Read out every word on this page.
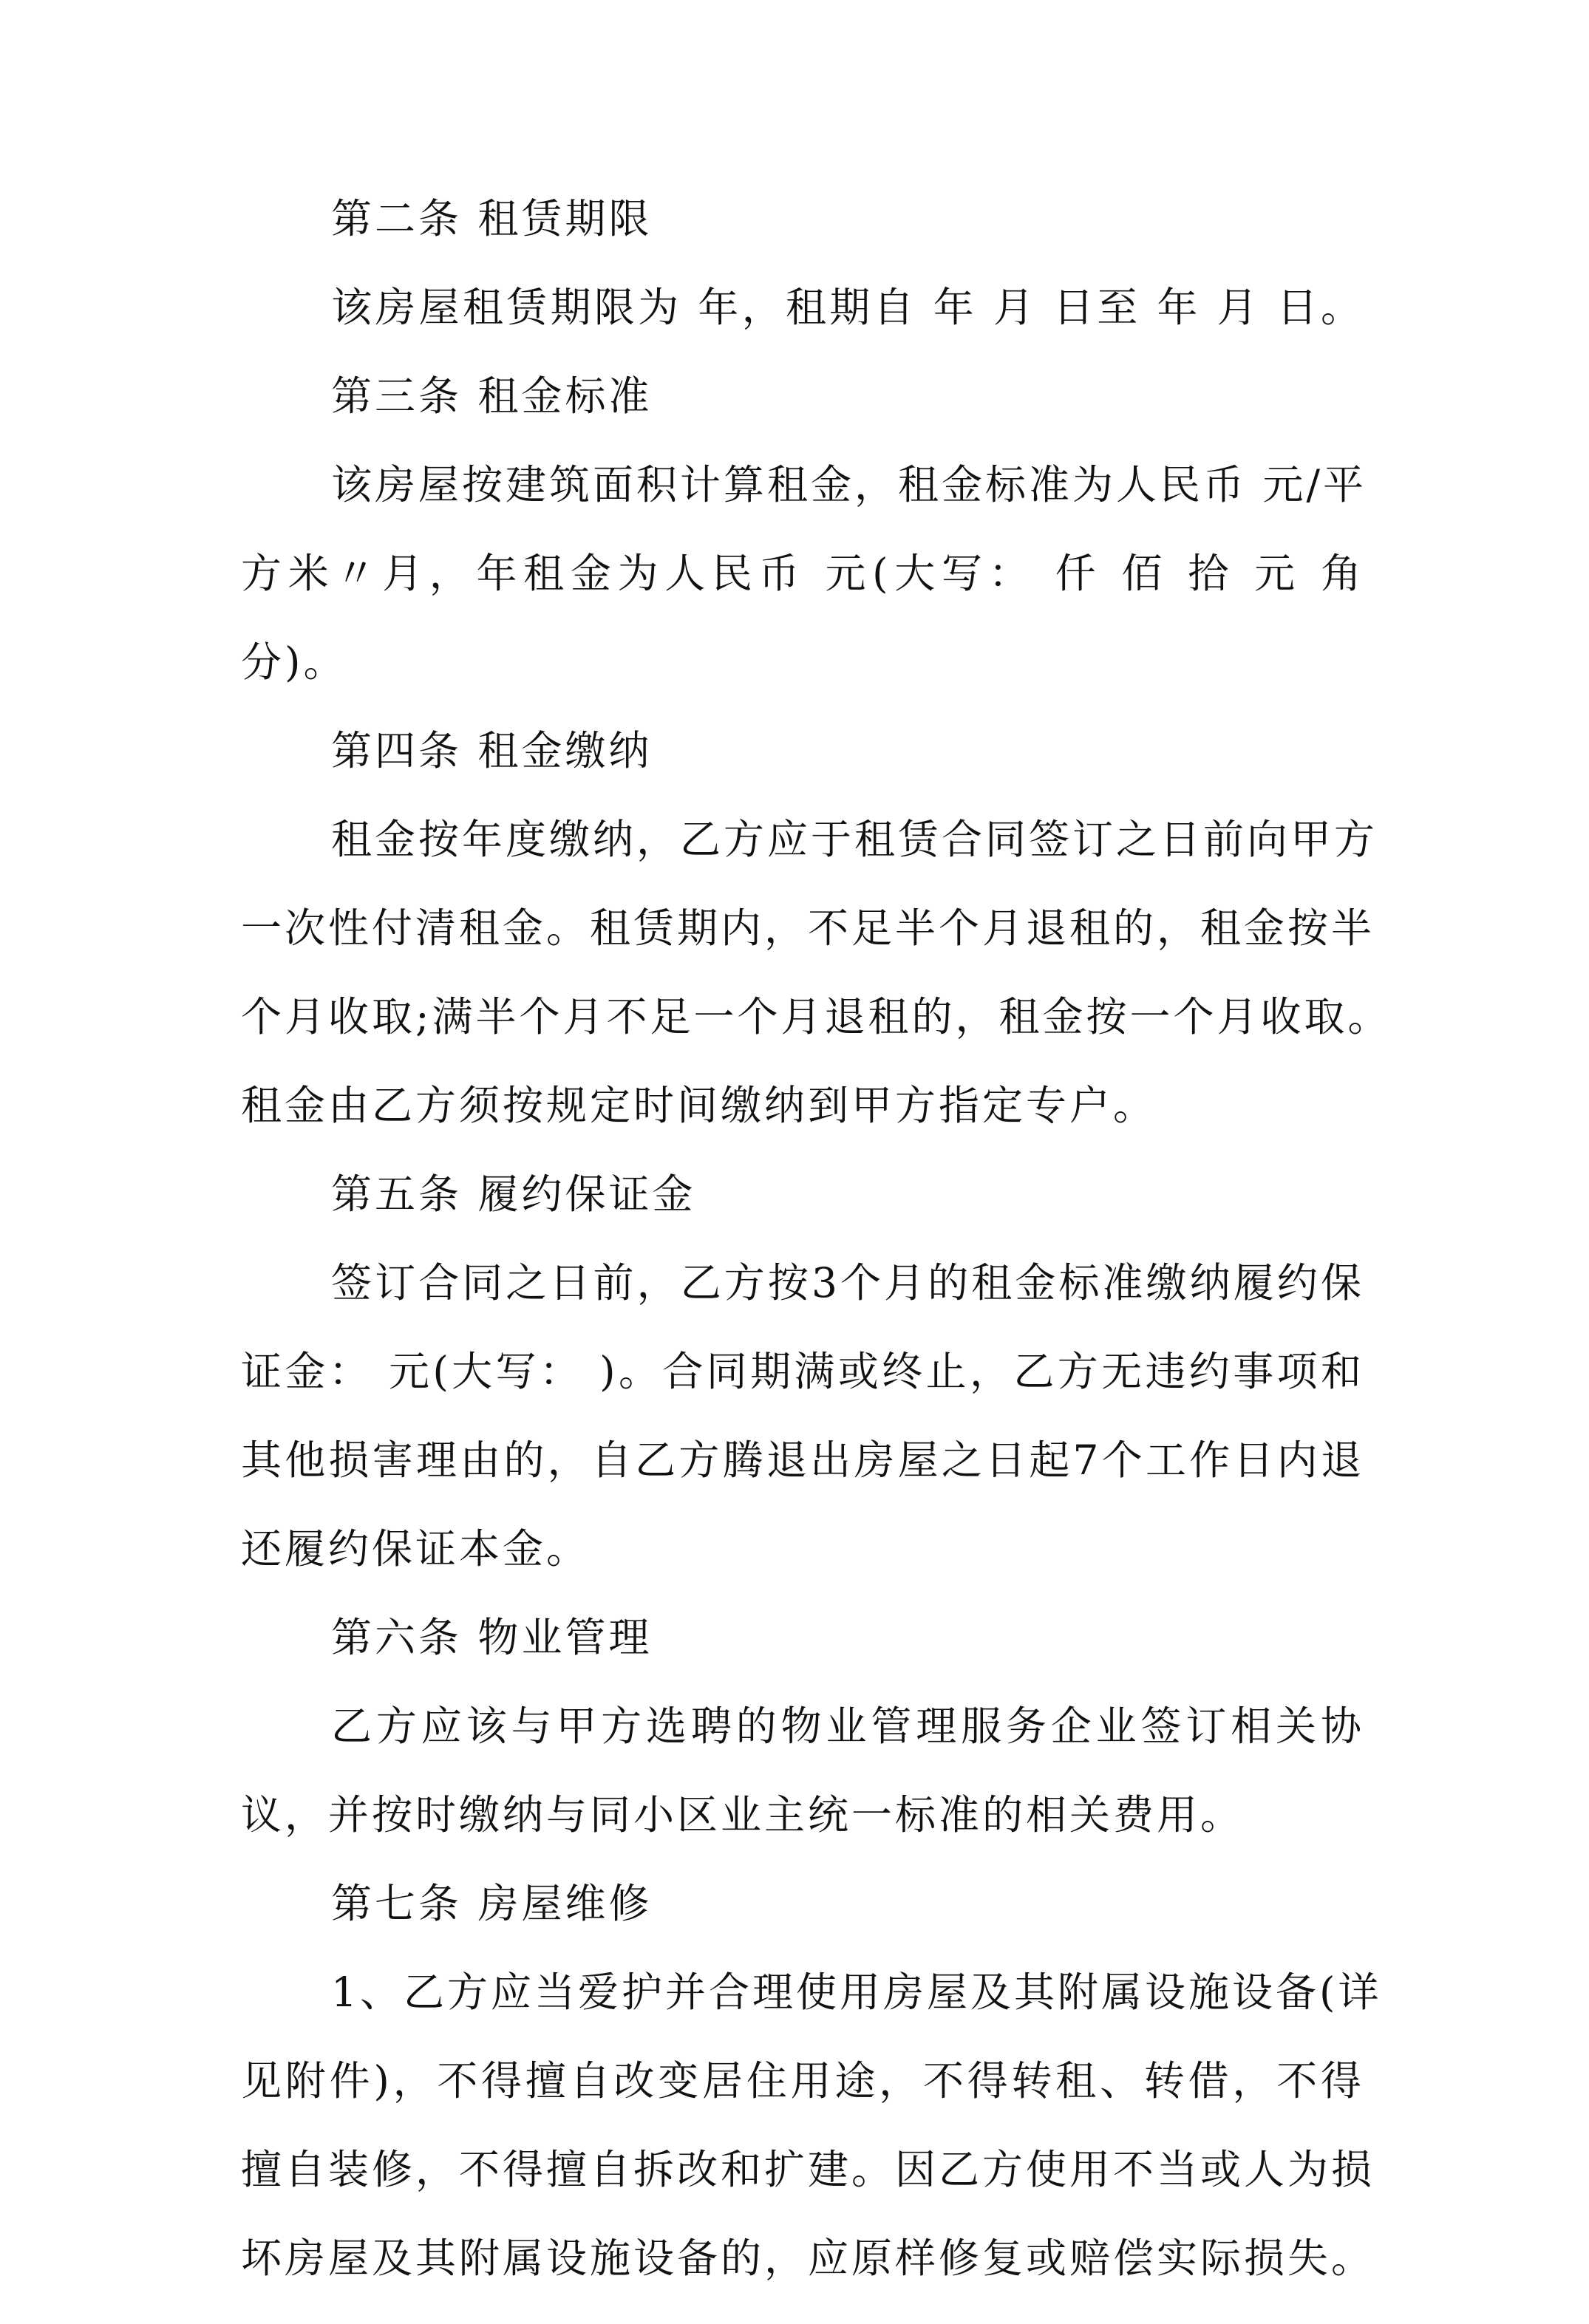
第二条 租赁期限
该房屋租赁期限为 年，租期自 年 月 日至 年 月 日。
第三条 租金标准
该房屋按建筑面积计算租金，租金标准为人民币 元/平
方米〃月，年租金为人民币 元(大写： 仟 佰 拾 元 角
分)。
第四条 租金缴纳
租金按年度缴纳，乙方应于租赁合同签订之日前向甲方
一次性付清租金。租赁期内，不足半个月退租的，租金按半
个月收取;满半个月不足一个月退租的，租金按一个月收取。
租金由乙方须按规定时间缴纳到甲方指定专户。
第五条 履约保证金
签订合同之日前，乙方按3个月的租金标准缴纳履约保
证金： 元(大写： )。合同期满或终止，乙方无违约事项和
其他损害理由的，自乙方腾退出房屋之日起7个工作日内退
还履约保证本金。
第六条 物业管理
乙方应该与甲方选聘的物业管理服务企业签订相关协
议，并按时缴纳与同小区业主统一标准的相关费用。
第七条 房屋维修
1、乙方应当爱护并合理使用房屋及其附属设施设备(详
见附件)，不得擅自改变居住用途，不得转租、转借，不得
擅自装修，不得擅自拆改和扩建。因乙方使用不当或人为损
坏房屋及其附属设施设备的，应原样修复或赔偿实际损失。
